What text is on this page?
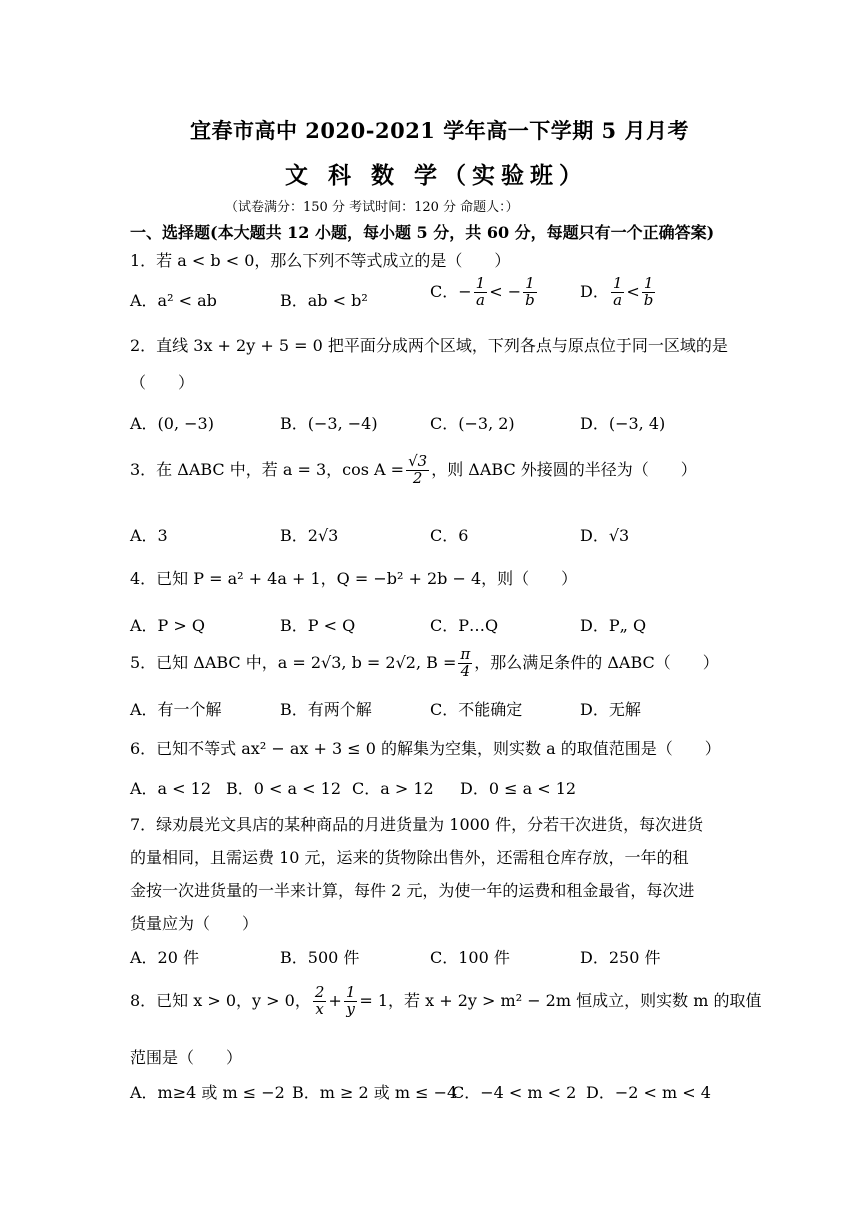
宜春市高中 2020-2021 学年高一下学期 5 月月考
文 科 数 学（实验班）
（试卷满分：150 分 考试时间：120 分 命题人：）
一、选择题(本大题共 12 小题，每小题 5 分，共 60 分，每题只有一个正确答案)
1．若 a < b < 0，那么下列不等式成立的是（　　）
A．a² < ab	B．ab < b²	C．− $\frac{1}{a}$ < − $\frac{1}{b}$	D． $\frac{1}{a} < \frac{1}{b}$
2．直线 3x + 2y + 5 = 0 把平面分成两个区域，下列各点与原点位于同一区域的是
（　　）
A．(0, −3)	B．(−3, −4)	C．(−3, 2)	D．(−3, 4)
3．在 ΔABC 中，若 a = 3，$\cos A = \frac{√3}{2}$ ，则 ΔABC 外接圆的半径为（　　）
A．3	B．2√3	C．6	D．√3
4．已知 P = a² + 4a + 1，Q = −b² + 2b − 4，则（　　）
A．P > Q	B．P < Q	C．P…Q	D．P„ Q
5．已知 ΔABC 中，a = 2√3, b = 2√2, $B = \frac{\pi}{4}$ ，那么满足条件的 ΔABC（　　）
A．有一个解	B．有两个解	C．不能确定	D．无解
6．已知不等式 ax² − ax + 3 ≤ 0 的解集为空集，则实数 a 的取值范围是（　　）
A．a < 12 B．0 < a < 12 C．a > 12 D．0 ≤ a < 12
7．绿劝晨光文具店的某种商品的月进货量为 1000 件，分若干次进货，每次进货
的量相同，且需运费 10 元，运来的货物除出售外，还需租仓库存放，一年的租
金按一次进货量的一半来计算，每件 2 元，为使一年的运费和租金最省，每次进
货量应为（　　）
A．20 件	B．500 件	C．100 件	D．250 件
8．已知 x > 0，y > 0， $\frac{2}{x} + \frac{1}{y} = 1$，若 x + 2y > m² − 2m 恒成立，则实数 m 的取值
范围是（　　）
A．m≥4 或 m ≤ −2 B．m ≥ 2 或 m ≤ −4
C．−4 < m < 2 D．−2 < m < 4
